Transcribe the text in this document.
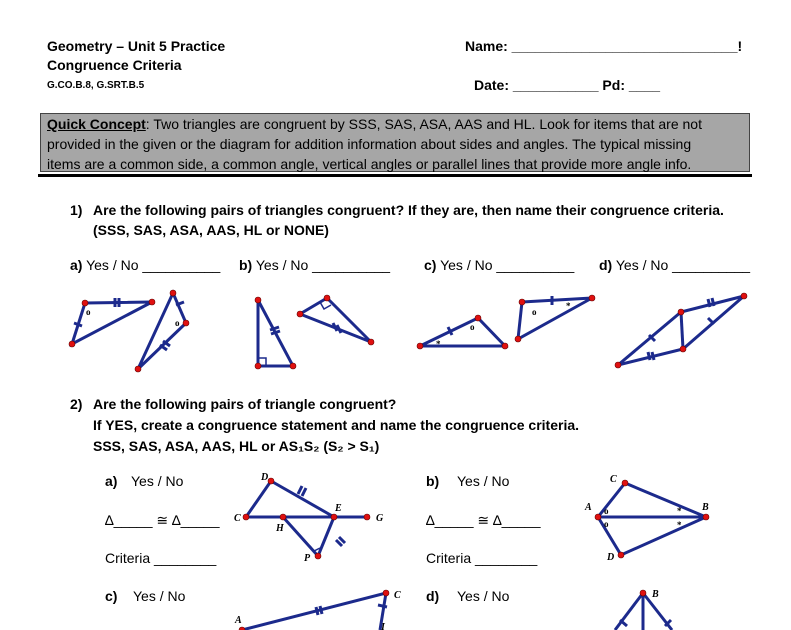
Geometry – Unit 5 Practice
Congruence Criteria
G.CO.B.8, G.SRT.B.5
Name: _____________________________!
Date: ___________ Pd: ____
Quick Concept: Two triangles are congruent by SSS, SAS, ASA, AAS and HL. Look for items that are not
provided in the given or the diagram for addition information about sides and angles. The typical missing
items are a common side, a common angle, vertical angles or parallel lines that provide more angle info.
1) Are the following pairs of triangles congruent? If they are, then name their congruence criteria.
(SSS, SAS, ASA, AAS, HL or NONE)
a) Yes / No __________ b) Yes / No __________ c) Yes / No __________ d) Yes / No __________
2) Are the following pairs of triangle congruent?
If YES, create a congruence statement and name the congruence criteria.
SSS, SAS, ASA, AAS, HL or AS₁S₂ (S₂ > S₁)
a) Yes / No
∆_____ ≅ ∆_____
Criteria ________
b) Yes / No
∆_____ ≅ ∆_____
Criteria ________
c) Yes / No	d) Yes / No
o
o	o
*
o
*
D
E
C	G
H
P
o
o
*
*
C
A	B
D
C
A
I
B
